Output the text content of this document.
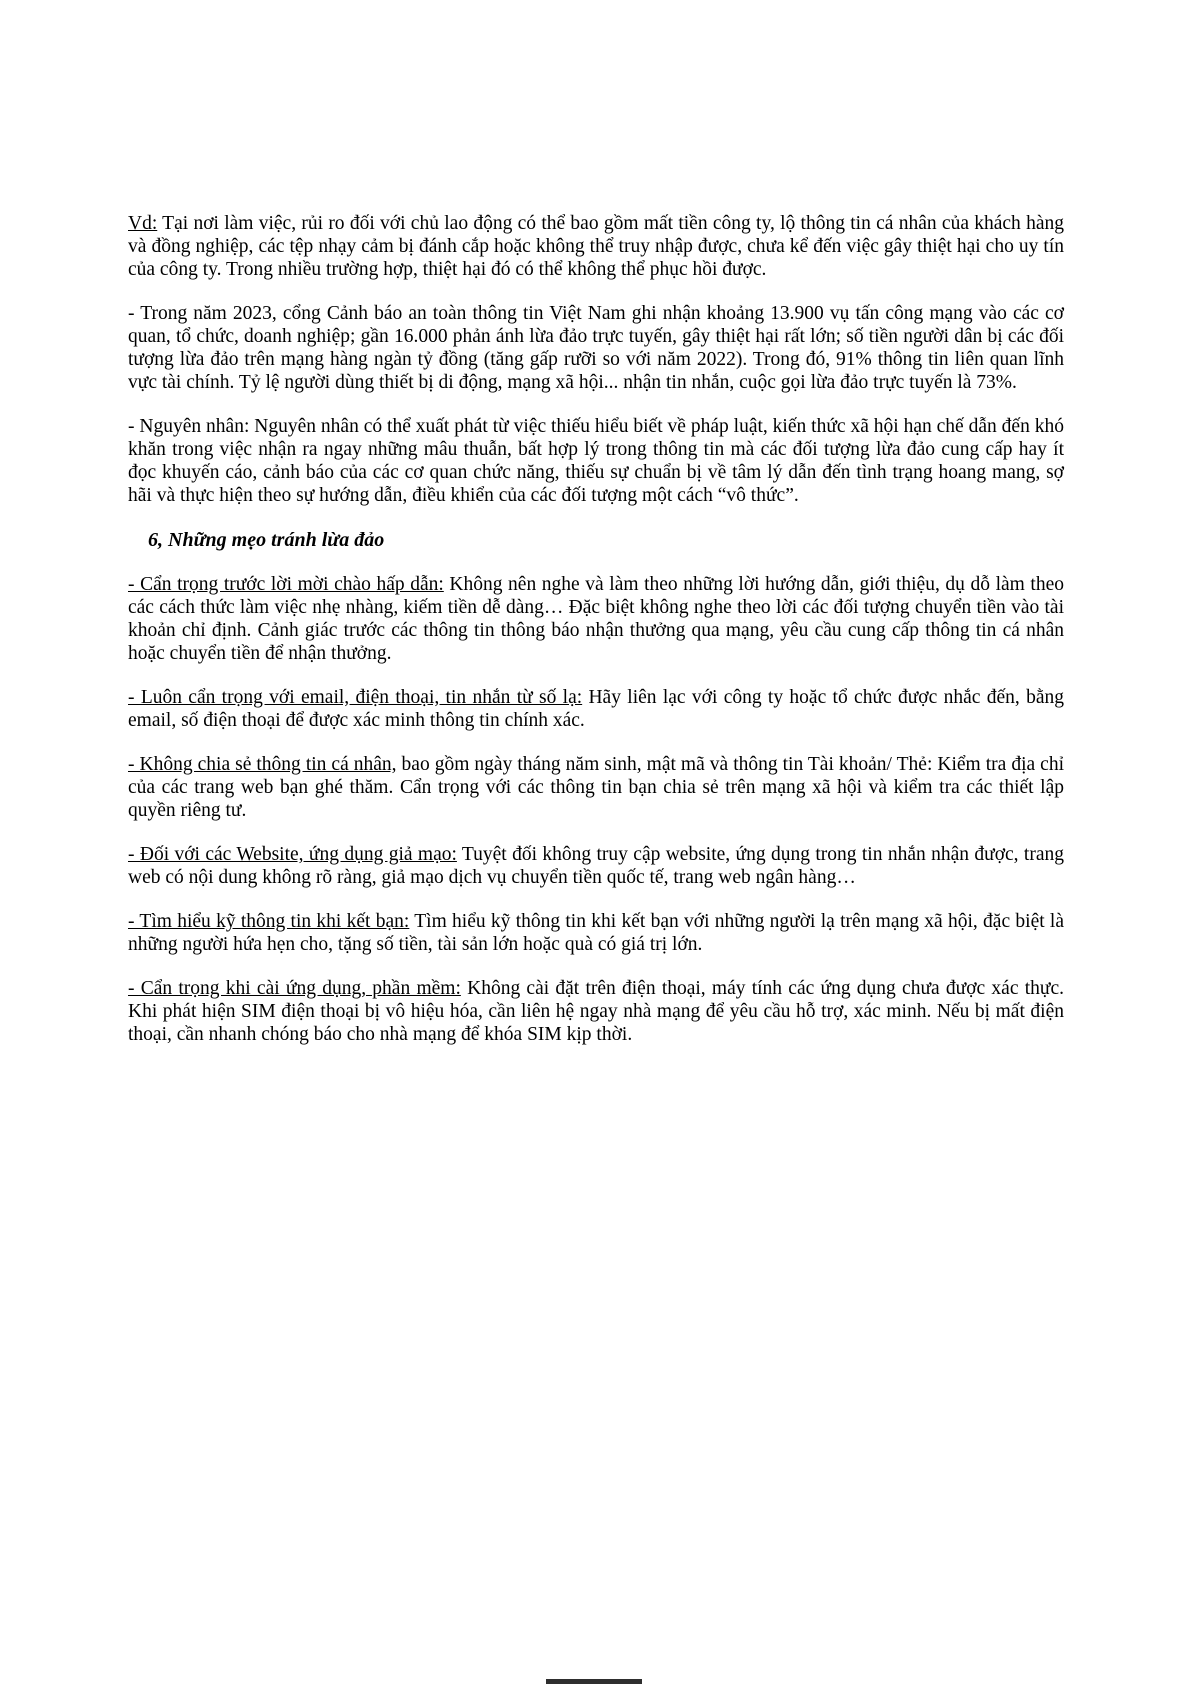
Vd: Tại nơi làm việc, rủi ro đối với chủ lao động có thể bao gồm mất tiền công ty, lộ thông tin cá nhân của khách hàng và đồng nghiệp, các tệp nhạy cảm bị đánh cắp hoặc không thể truy nhập được, chưa kể đến việc gây thiệt hại cho uy tín của công ty. Trong nhiều trường hợp, thiệt hại đó có thể không thể phục hồi được.

- Trong năm 2023, cổng Cảnh báo an toàn thông tin Việt Nam ghi nhận khoảng 13.900 vụ tấn công mạng vào các cơ quan, tổ chức, doanh nghiệp; gần 16.000 phản ánh lừa đảo trực tuyến, gây thiệt hại rất lớn; số tiền người dân bị các đối tượng lừa đảo trên mạng hàng ngàn tỷ đồng (tăng gấp rưỡi so với năm 2022). Trong đó, 91% thông tin liên quan lĩnh vực tài chính. Tỷ lệ người dùng thiết bị di động, mạng xã hội... nhận tin nhắn, cuộc gọi lừa đảo trực tuyến là 73%.

- Nguyên nhân: Nguyên nhân có thể xuất phát từ việc thiếu hiểu biết về pháp luật, kiến thức xã hội hạn chế dẫn đến khó khăn trong việc nhận ra ngay những mâu thuẫn, bất hợp lý trong thông tin mà các đối tượng lừa đảo cung cấp hay ít đọc khuyến cáo, cảnh báo của các cơ quan chức năng, thiếu sự chuẩn bị về tâm lý dẫn đến tình trạng hoang mang, sợ hãi và thực hiện theo sự hướng dẫn, điều khiển của các đối tượng một cách “vô thức”.

6, Những mẹo tránh lừa đảo

- Cẩn trọng trước lời mời chào hấp dẫn: Không nên nghe và làm theo những lời hướng dẫn, giới thiệu, dụ dỗ làm theo các cách thức làm việc nhẹ nhàng, kiếm tiền dễ dàng… Đặc biệt không nghe theo lời các đối tượng chuyển tiền vào tài khoản chỉ định. Cảnh giác trước các thông tin thông báo nhận thưởng qua mạng, yêu cầu cung cấp thông tin cá nhân hoặc chuyển tiền để nhận thưởng.

- Luôn cẩn trọng với email, điện thoại, tin nhắn từ số lạ: Hãy liên lạc với công ty hoặc tổ chức được nhắc đến, bằng email, số điện thoại để được xác minh thông tin chính xác.

- Không chia sẻ thông tin cá nhân, bao gồm ngày tháng năm sinh, mật mã và thông tin Tài khoản/ Thẻ: Kiểm tra địa chỉ của các trang web bạn ghé thăm. Cẩn trọng với các thông tin bạn chia sẻ trên mạng xã hội và kiểm tra các thiết lập quyền riêng tư.

- Đối với các Website, ứng dụng giả mạo: Tuyệt đối không truy cập website, ứng dụng trong tin nhắn nhận được, trang web có nội dung không rõ ràng, giả mạo dịch vụ chuyển tiền quốc tế, trang web ngân hàng…

- Tìm hiểu kỹ thông tin khi kết bạn: Tìm hiểu kỹ thông tin khi kết bạn với những người lạ trên mạng xã hội, đặc biệt là những người hứa hẹn cho, tặng số tiền, tài sản lớn hoặc quà có giá trị lớn.

- Cẩn trọng khi cài ứng dụng, phần mềm: Không cài đặt trên điện thoại, máy tính các ứng dụng chưa được xác thực. Khi phát hiện SIM điện thoại bị vô hiệu hóa, cần liên hệ ngay nhà mạng để yêu cầu hỗ trợ, xác minh. Nếu bị mất điện thoại, cần nhanh chóng báo cho nhà mạng để khóa SIM kịp thời.
